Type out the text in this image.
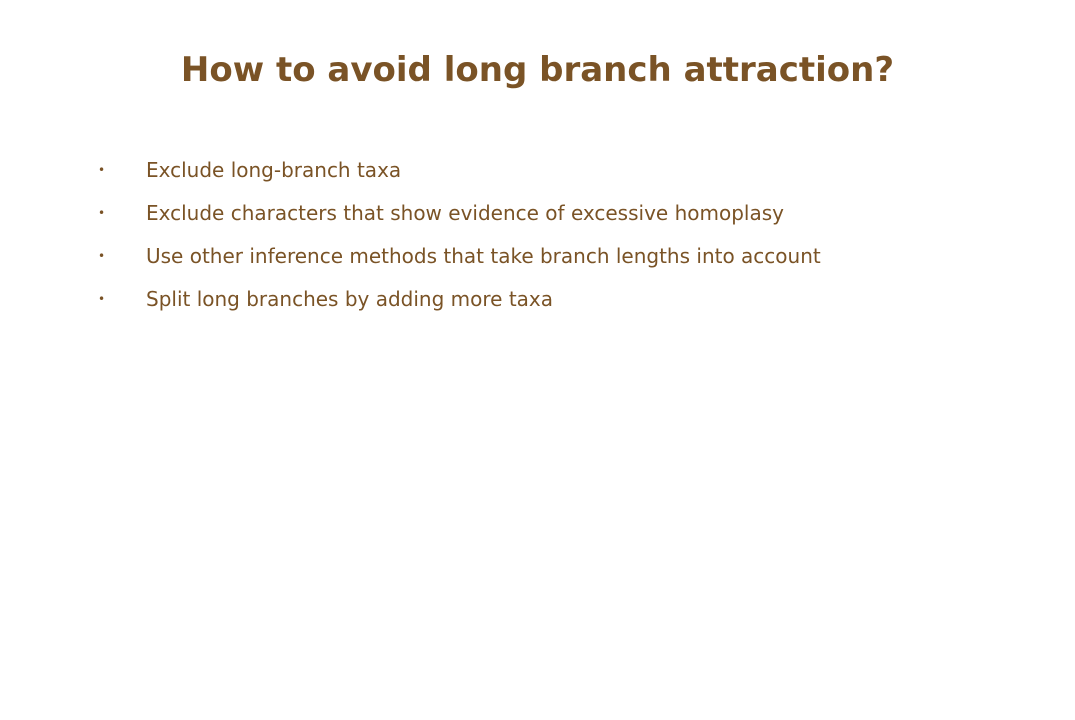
How to avoid long branch attraction?
• Exclude long-branch taxa
• Exclude characters that show evidence of excessive homoplasy
• Use other inference methods that take branch lengths into account
• Split long branches by adding more taxa
